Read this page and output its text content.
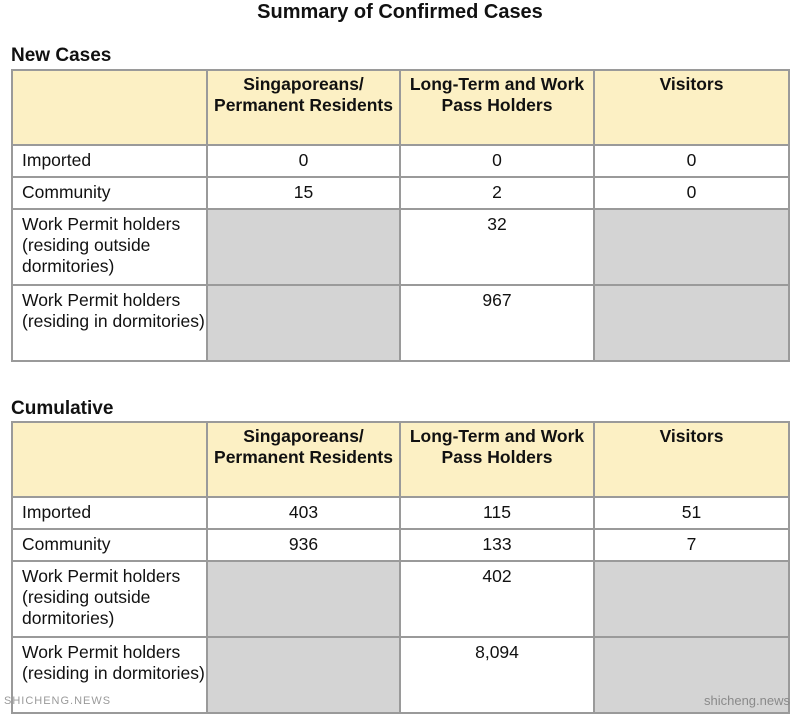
Summary of Confirmed Cases
New Cases
	Singaporeans/ Permanent Residents	Long-Term and Work Pass Holders	Visitors
Imported	0	0	0
Community	15	2	0
Work Permit holders (residing outside dormitories)		32	
Work Permit holders (residing in dormitories)		967	
Cumulative
	Singaporeans/ Permanent Residents	Long-Term and Work Pass Holders	Visitors
Imported	403	115	51
Community	936	133	7
Work Permit holders (residing outside dormitories)		402	
Work Permit holders (residing in dormitories)		8,094	
SHICHENG.NEWS	shicheng.news
